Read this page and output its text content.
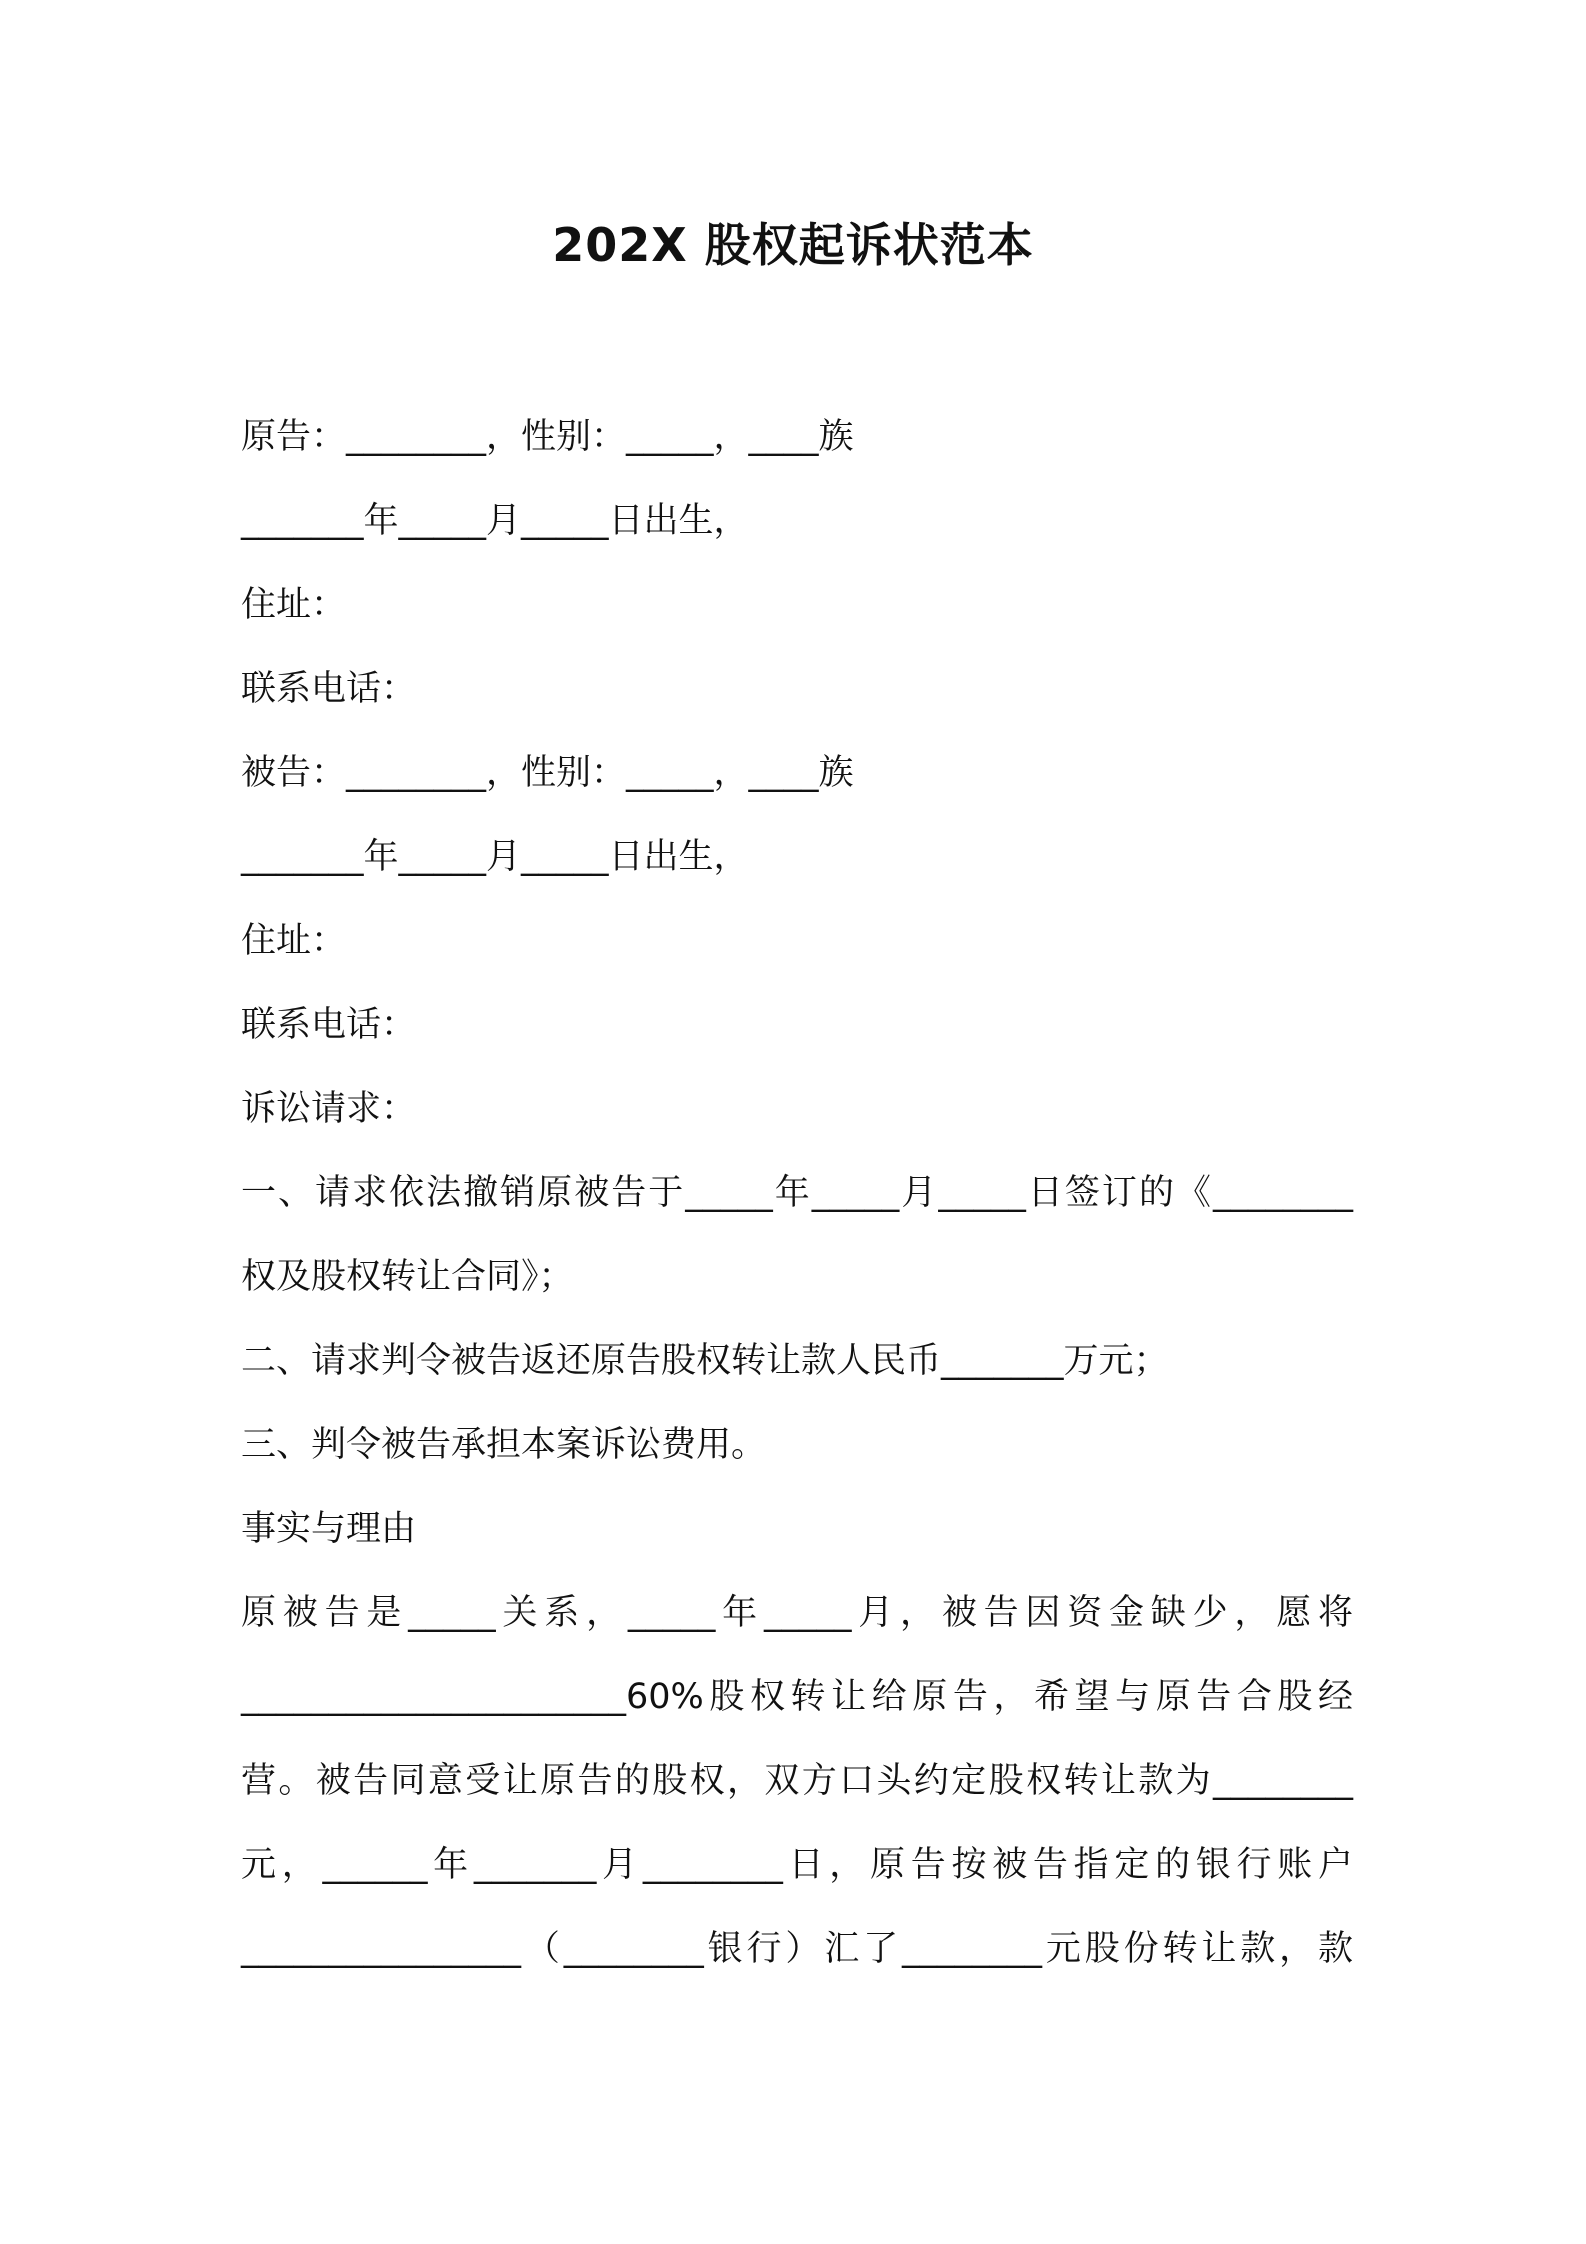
202X 股权起诉状范本
原告：________，性别：_____，____族
_______年_____月_____日出生，
住址：
联系电话：
被告：________，性别：_____，____族
_______年_____月_____日出生，
住址：
联系电话：
诉讼请求：
一、请求依法撤销原被告于_____年_____月_____日签订的《________
权及股权转让合同》；
二、请求判令被告返还原告股权转让款人民币_______万元；
三、判令被告承担本案诉讼费用。
事实与理由
原被告是_____关系，_____年_____月，被告因资金缺少，愿将
______________________60%股权转让给原告，希望与原告合股经
营。被告同意受让原告的股权，双方口头约定股权转让款为________
元，______年_______月________日，原告按被告指定的银行账户
________________（________银行）汇了________元股份转让款，款
